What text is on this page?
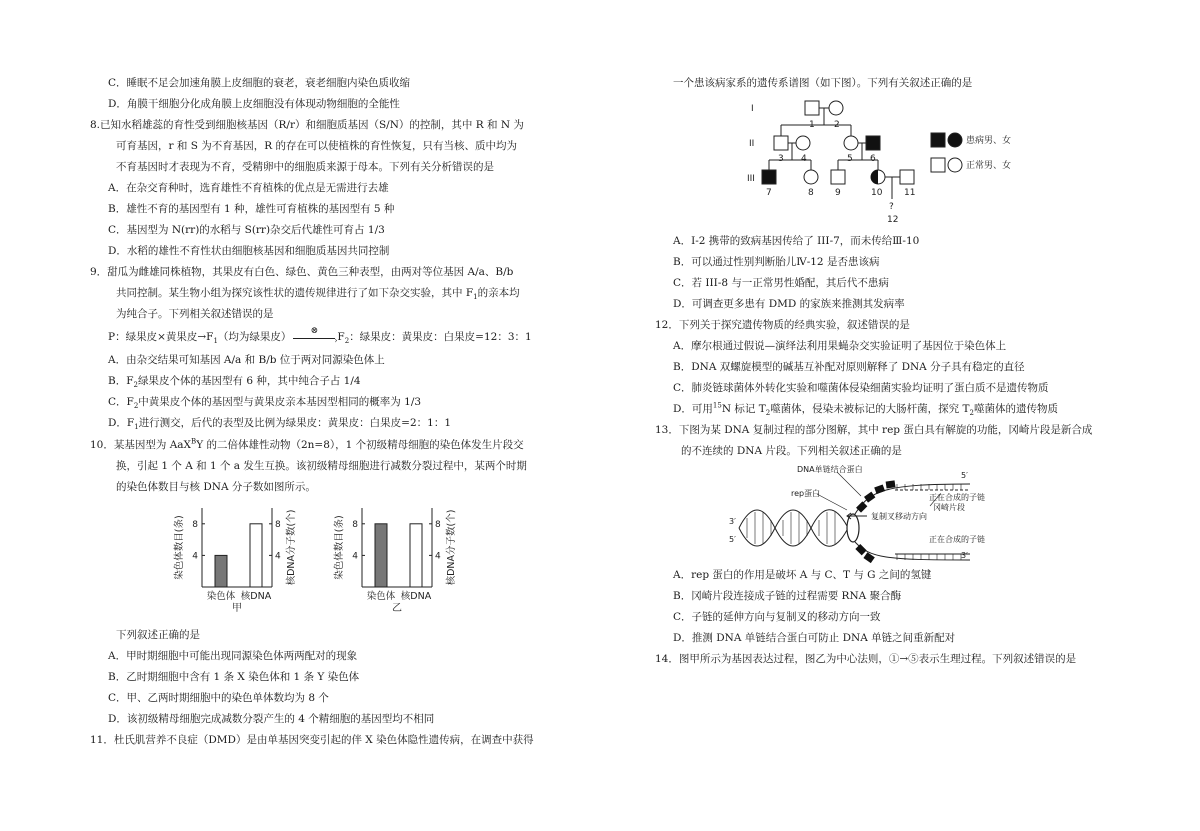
C．睡眠不足会加速角膜上皮细胞的衰老，衰老细胞内染色质收缩
D．角膜干细胞分化成角膜上皮细胞没有体现动物细胞的全能性
8.已知水稻雄蕊的育性受到细胞核基因（R/r）和细胞质基因（S/N）的控制，其中 R 和 N 为
可育基因，r 和 S 为不育基因，R 的存在可以使植株的育性恢复，只有当核、质中均为
不育基因时才表现为不育，受精卵中的细胞质来源于母本。下列有关分析错误的是
A．在杂交育种时，选育雄性不育植株的优点是无需进行去雄
B．雄性不育的基因型有 1 种，雄性可育植株的基因型有 5 种
C．基因型为 N(rr)的水稻与 S(rr)杂交后代雄性可育占 1/3
D．水稻的雄性不育性状由细胞核基因和细胞质基因共同控制
9．甜瓜为雌雄同株植物，其果皮有白色、绿色、黄色三种表型，由两对等位基因 A/a、B/b
共同控制。某生物小组为探究该性状的遗传规律进行了如下杂交实验，其中 $F_1$的亲本均
为纯合子。下列相关叙述错误的是
P：绿果皮×黄果皮$\to F_1$（均为绿果皮） ⊗
› $F_2$：绿果皮：黄果皮：白果皮=12：3：1
A．由杂交结果可知基因 A/a 和 B/b 位于两对同源染色体上
B．$F_2$绿果皮个体的基因型有 6 种，其中纯合子占 1/4
C．$F_2$中黄果皮个体的基因型与黄果皮亲本基因型相同的概率为 1/3
D．$F_1$进行测交，后代的表型及比例为绿果皮：黄果皮：白果皮=2：1：1
10．某基因型为 AaX$^B$Y 的二倍体雄性动物（2n=8），1 个初级精母细胞的染色体发生片段交
换，引起 1 个 A 和 1 个 a 发生互换。该初级精母细胞进行减数分裂过程中，某两个时期
的染色体数目与核 DNA 分子数如图所示。
下列叙述正确的是
A．甲时期细胞中可能出现同源染色体两两配对的现象
B．乙时期细胞中含有 1 条 X 染色体和 1 条 Y 染色体
C．甲、乙两时期细胞中的染色单体数均为 8 个
D．该初级精母细胞完成减数分裂产生的 4 个精细胞的基因型均不相同
11．杜氏肌营养不良症（DMD）是由单基因突变引起的伴 X 染色体隐性遗传病，在调查中获得
4	4
8	8
染色体 核DNA
染色体数目(条)	核DNA分子数(个)
甲
4	4
8	8
染色体 核DNA
染色体数目(条)	核DNA分子数(个)
乙
一个患该病家系的遗传系谱图（如下图）。下列有关叙述正确的是
A．I-2 携带的致病基因传给了 III-7，而未传给Ⅲ-10
B．可以通过性别判断胎儿Ⅳ-12 是否患该病
C．若 III-8 与一正常男性婚配，其后代不患病
D．可调查更多患有 DMD 的家族来推测其发病率
12．下列关于探究遗传物质的经典实验，叙述错误的是
A．摩尔根通过假说—演绎法利用果蝇杂交实验证明了基因位于染色体上
B．DNA 双螺旋模型的碱基互补配对原则解释了 DNA 分子具有稳定的直径
C．肺炎链球菌体外转化实验和噬菌体侵染细菌实验均证明了蛋白质不是遗传物质
D．可用$^{15}$N 标记 $T_2$噬菌体，侵染未被标记的大肠杆菌，探究 $T_2$噬菌体的遗传物质
13．下图为某 DNA 复制过程的部分图解，其中 rep 蛋白具有解旋的功能，冈崎片段是新合成
的不连续的 DNA 片段。下列相关叙述正确的是
A．rep 蛋白的作用是破坏 A 与 C、T 与 G 之间的氢键
B．冈崎片段连接成子链的过程需要 RNA 聚合酶
C．子链的延伸方向与复制叉的移动方向一致
D．推测 DNA 单链结合蛋白可防止 DNA 单链之间重新配对
14．图甲所示为基因表达过程，图乙为中心法则，①→⑤表示生理过程。下列叙述错误的是
I
II
III
1 2
3 4	5 6
7	8 9	10 11
?
12
患病男、女
正常男、女
DNA单链结合蛋白
rep蛋白
复制叉移动方向
冈崎片段
正在合成的子链
正在合成的子链
5′
3′
5′
3′
